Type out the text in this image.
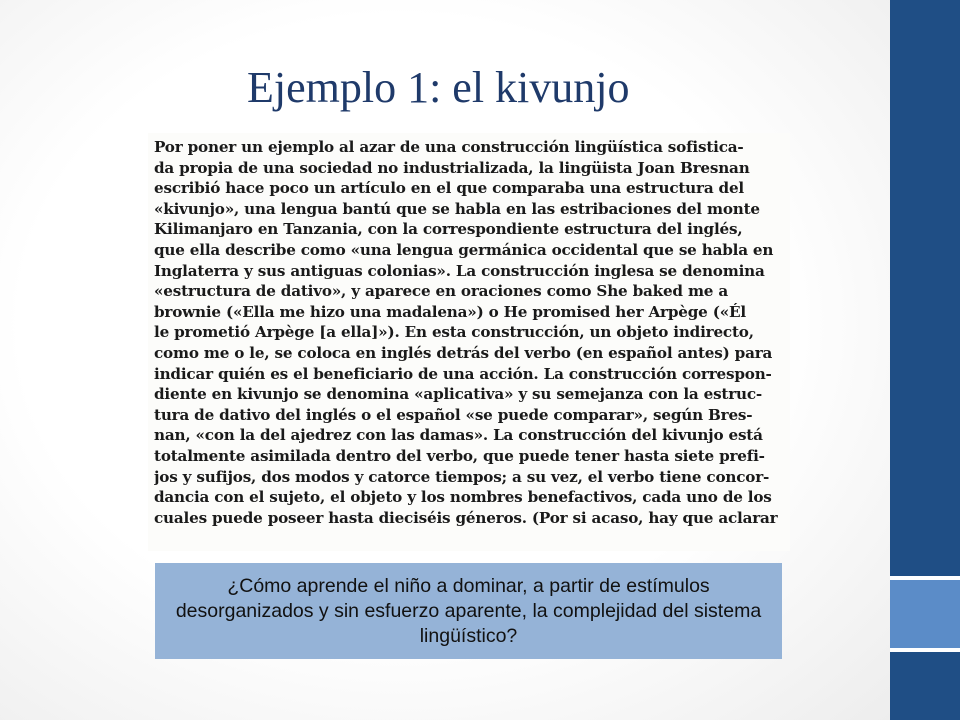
Ejemplo 1: el kivunjo
Por poner un ejemplo al azar de una construcción lingüística sofistica-
da propia de una sociedad no industrializada, la lingüista Joan Bresnan
escribió hace poco un artículo en el que comparaba una estructura del
«kivunjo», una lengua bantú que se habla en las estribaciones del monte
Kilimanjaro en Tanzania, con la correspondiente estructura del inglés,
que ella describe como «una lengua germánica occidental que se habla en
Inglaterra y sus antiguas colonias». La construcción inglesa se denomina
«estructura de dativo», y aparece en oraciones como She baked me a
brownie («Ella me hizo una madalena») o He promised her Arpège («Él
le prometió Arpège [a ella]»). En esta construcción, un objeto indirecto,
como me o le, se coloca en inglés detrás del verbo (en español antes) para
indicar quién es el beneficiario de una acción. La construcción correspon-
diente en kivunjo se denomina «aplicativa» y su semejanza con la estruc-
tura de dativo del inglés o el español «se puede comparar», según Bres-
nan, «con la del ajedrez con las damas». La construcción del kivunjo está
totalmente asimilada dentro del verbo, que puede tener hasta siete prefi-
jos y sufijos, dos modos y catorce tiempos; a su vez, el verbo tiene concor-
dancia con el sujeto, el objeto y los nombres benefactivos, cada uno de los
cuales puede poseer hasta dieciséis géneros. (Por si acaso, hay que aclarar
¿Cómo aprende el niño a dominar, a partir de estímulos desorganizados y sin esfuerzo aparente, la complejidad del sistema lingüístico?
